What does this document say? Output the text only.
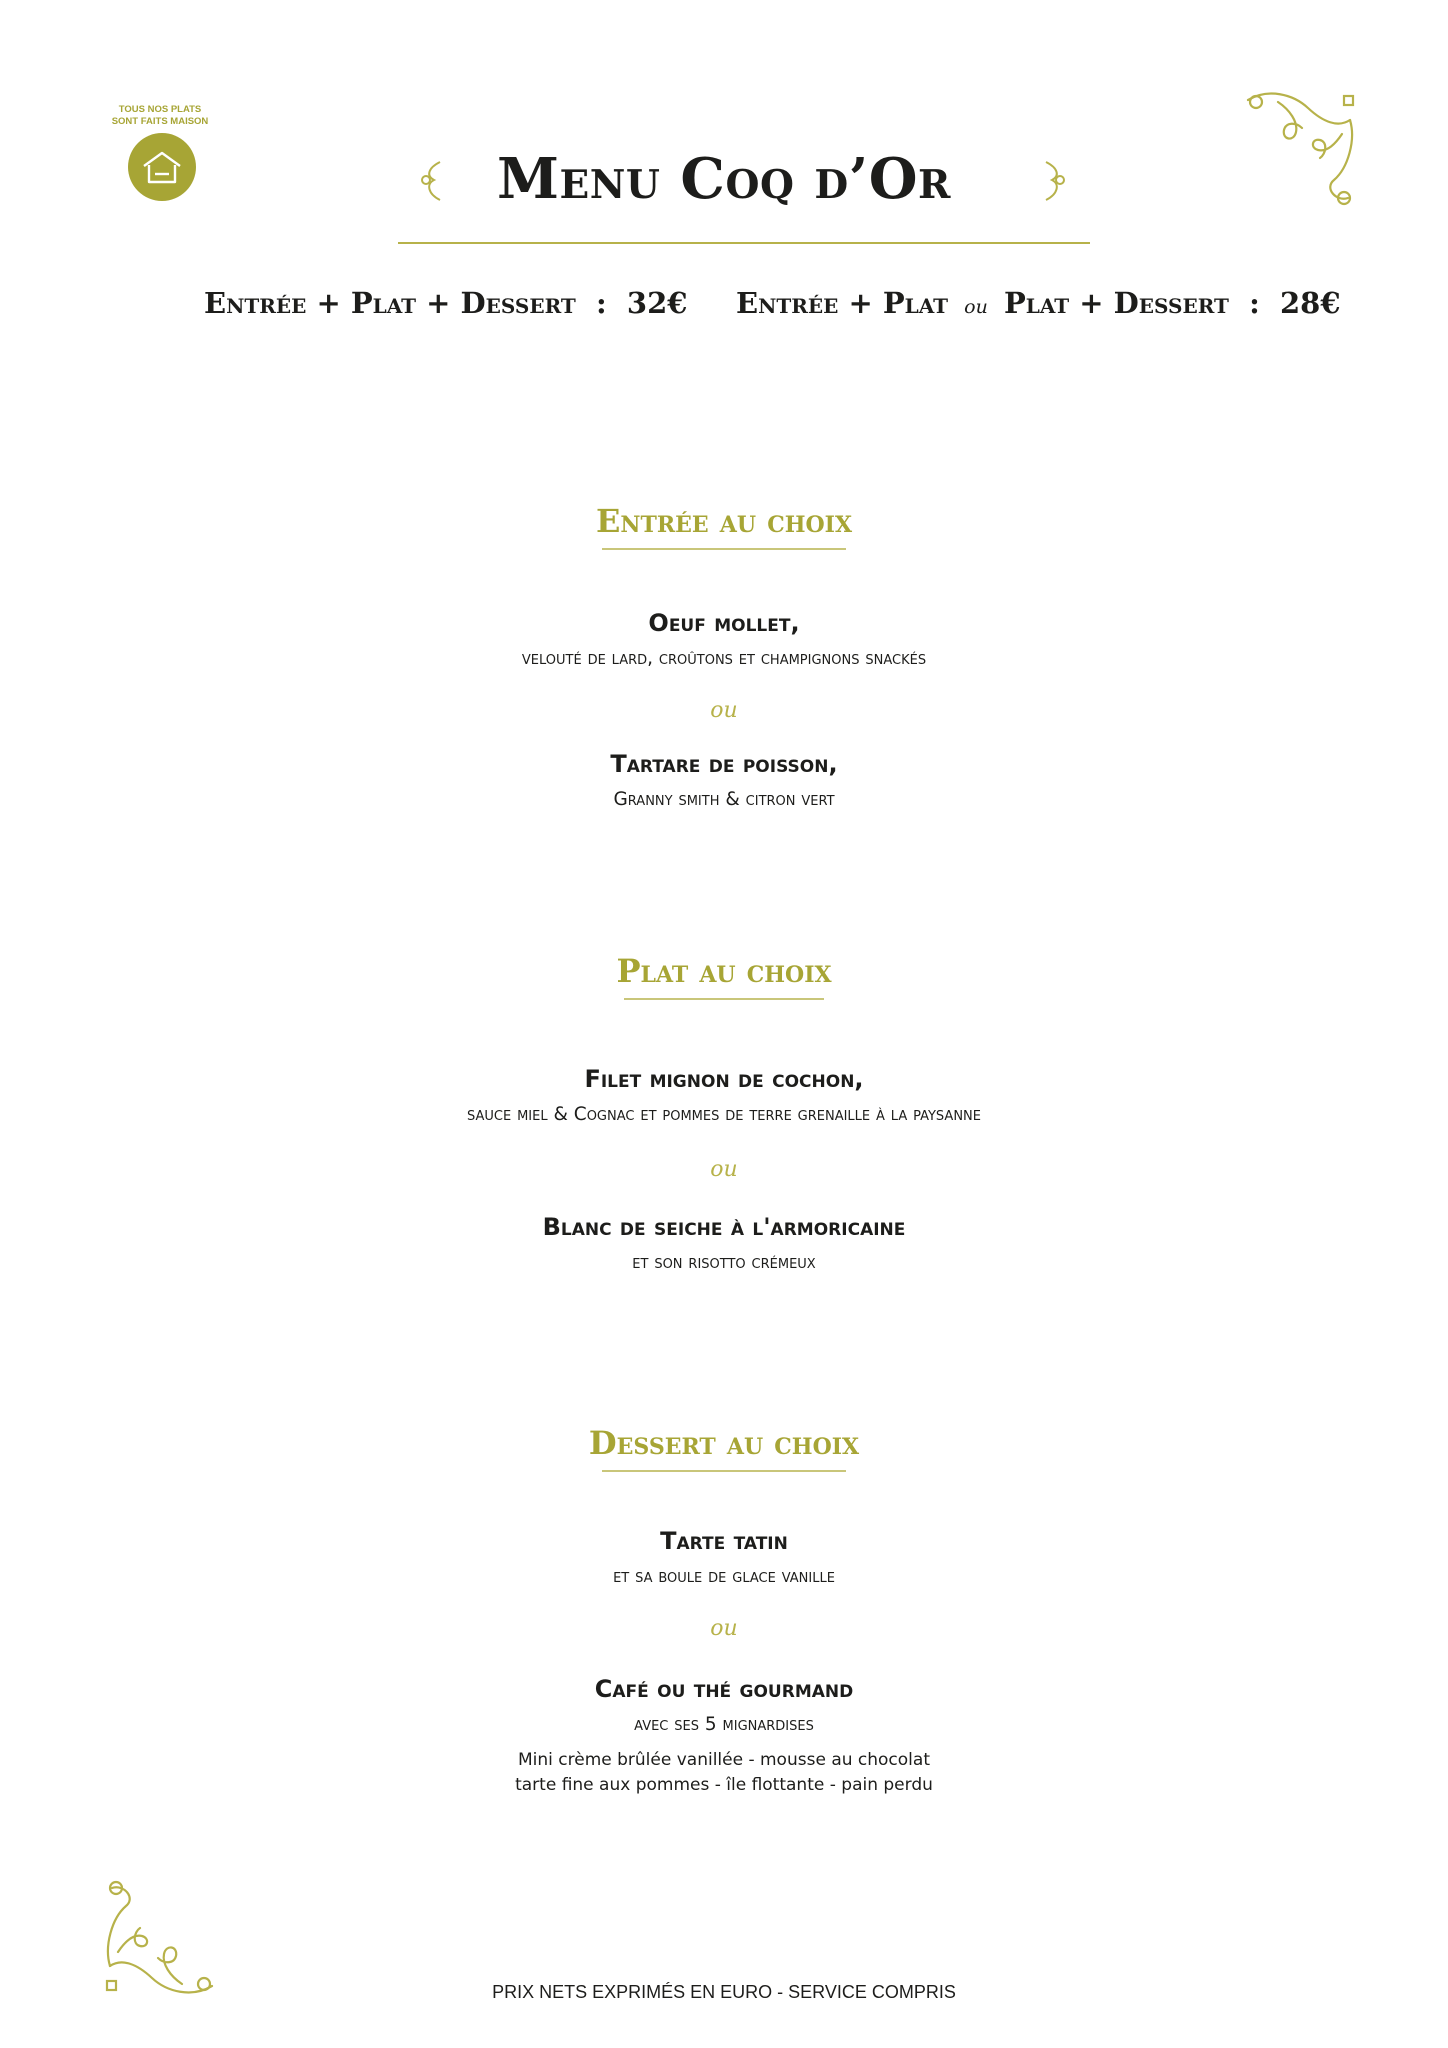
TOUS NOS PLATS
SONT FAITS MAISON
Menu Coq d’Or
Entrée + Plat + Dessert  :  32€ Entrée + Plat ou Plat + Dessert  :  28€
Entrée au choix
Oeuf mollet,
velouté de lard, croûtons et champignons snackés
ou
Tartare de poisson,
Granny smith & citron vert
Plat au choix
Filet mignon de cochon,
sauce miel & Cognac et pommes de terre grenaille à la paysanne
ou
Blanc de seiche à l'armoricaine
et son risotto crémeux
Dessert au choix
Tarte tatin
et sa boule de glace vanille
ou
Café ou thé gourmand
avec ses 5 mignardises
Mini crème brûlée vanillée - mousse au chocolat
tarte fine aux pommes - île flottante - pain perdu
PRIX NETS EXPRIMÉS EN EURO - SERVICE COMPRIS
